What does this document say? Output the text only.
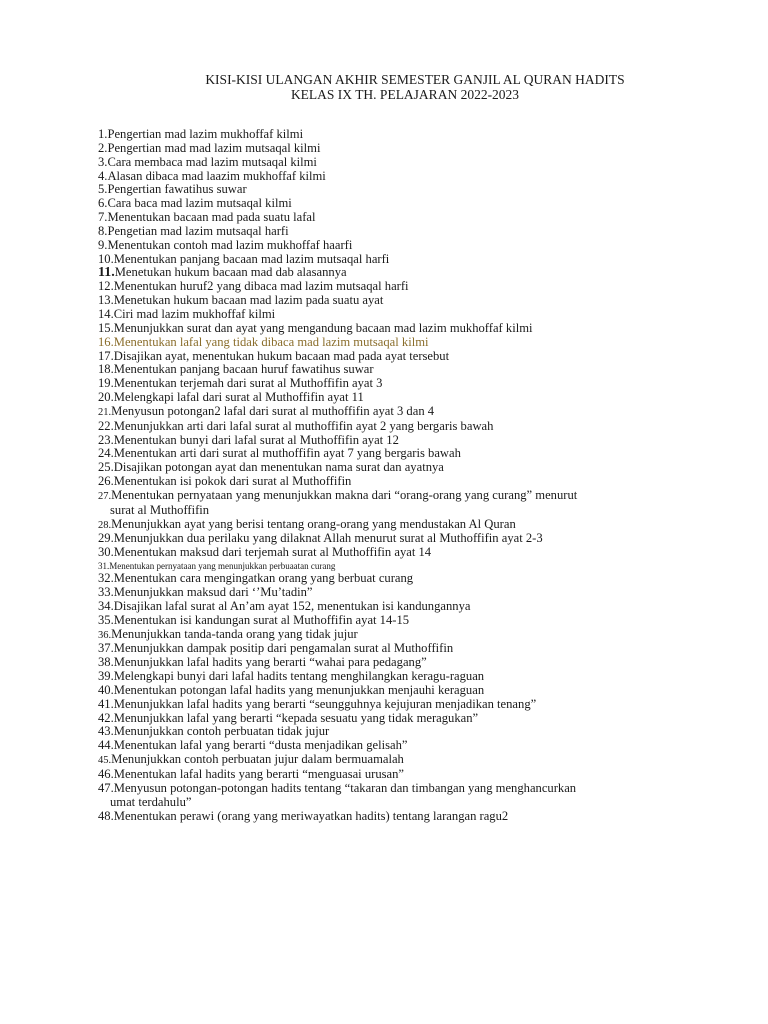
KISI-KISI ULANGAN AKHIR SEMESTER GANJIL AL QURAN HADITS
KELAS IX TH. PELAJARAN 2022-2023
1.Pengertian mad lazim mukhoffaf kilmi
2.Pengertian mad mad lazim mutsaqal kilmi
3.Cara membaca mad lazim mutsaqal kilmi
4.Alasan dibaca mad laazim mukhoffaf kilmi
5.Pengertian fawatihus suwar
6.Cara baca mad lazim mutsaqal kilmi
7.Menentukan bacaan mad pada suatu lafal
8.Pengetian mad lazim mutsaqal harfi
9.Menentukan contoh mad lazim mukhoffaf haarfi
10.Menentukan panjang bacaan mad lazim mutsaqal harfi
11.Menetukan hukum bacaan mad dab alasannya
12.Menentukan huruf2 yang dibaca mad lazim mutsaqal harfi
13.Menetukan hukum bacaan mad lazim pada suatu ayat
14.Ciri mad lazim mukhoffaf kilmi
15.Menunjukkan surat dan ayat yang mengandung bacaan mad lazim mukhoffaf kilmi
16.Menentukan lafal yang tidak dibaca mad lazim mutsaqal kilmi
17.Disajikan ayat, menentukan hukum bacaan mad pada ayat tersebut
18.Menentukan panjang bacaan huruf fawatihus suwar
19.Menentukan terjemah dari surat al Muthoffifin ayat 3
20.Melengkapi lafal dari surat al Muthoffifin ayat 11
21.Menyusun potongan2 lafal dari surat al muthoffifin ayat 3 dan 4
22.Menunjukkan arti dari lafal surat al muthoffifin ayat 2 yang bergaris bawah
23.Menentukan bunyi dari lafal surat al Muthoffifin ayat 12
24.Menentukan arti dari surat al muthoffifin ayat 7 yang bergaris bawah
25.Disajikan potongan ayat dan menentukan nama surat dan ayatnya
26.Menentukan isi pokok dari surat al Muthoffifin
27.Menentukan pernyataan yang menunjukkan makna dari “orang-orang yang curang” menurut
surat al Muthoffifin
28.Menunjukkan ayat yang berisi tentang orang-orang yang mendustakan Al Quran
29.Menunjukkan dua perilaku yang dilaknat Allah menurut surat al Muthoffifin ayat 2-3
30.Menentukan maksud dari terjemah surat al Muthoffifin ayat 14
31.Menentukan pernyataan yang menunjukkan perbuaatan curang
32.Menentukan cara mengingatkan orang yang berbuat curang
33.Menunjukkan maksud dari ‘’Mu’tadin”
34.Disajikan lafal surat al An’am ayat 152, menentukan isi kandungannya
35.Menentukan isi kandungan surat al Muthoffifin ayat 14-15
36.Menunjukkan tanda-tanda orang yang tidak jujur
37.Menunjukkan dampak positip dari pengamalan surat al Muthoffifin
38.Menunjukkan lafal hadits yang berarti “wahai para pedagang”
39.Melengkapi bunyi dari lafal hadits tentang menghilangkan keragu-raguan
40.Menentukan potongan lafal hadits yang menunjukkan menjauhi keraguan
41.Menunjukkan lafal hadits yang berarti “seungguhnya kejujuran menjadikan tenang”
42.Menunjukkan lafal yang berarti “kepada sesuatu yang tidak meragukan”
43.Menunjukkan contoh perbuatan tidak jujur
44.Menentukan lafal yang berarti “dusta menjadikan gelisah”
45.Menunjukkan contoh perbuatan jujur dalam bermuamalah
46.Menentukan lafal hadits yang berarti “menguasai urusan”
47.Menyusun potongan-potongan hadits tentang “takaran dan timbangan yang menghancurkan
umat terdahulu”
48.Menentukan perawi (orang yang meriwayatkan hadits) tentang larangan ragu2
